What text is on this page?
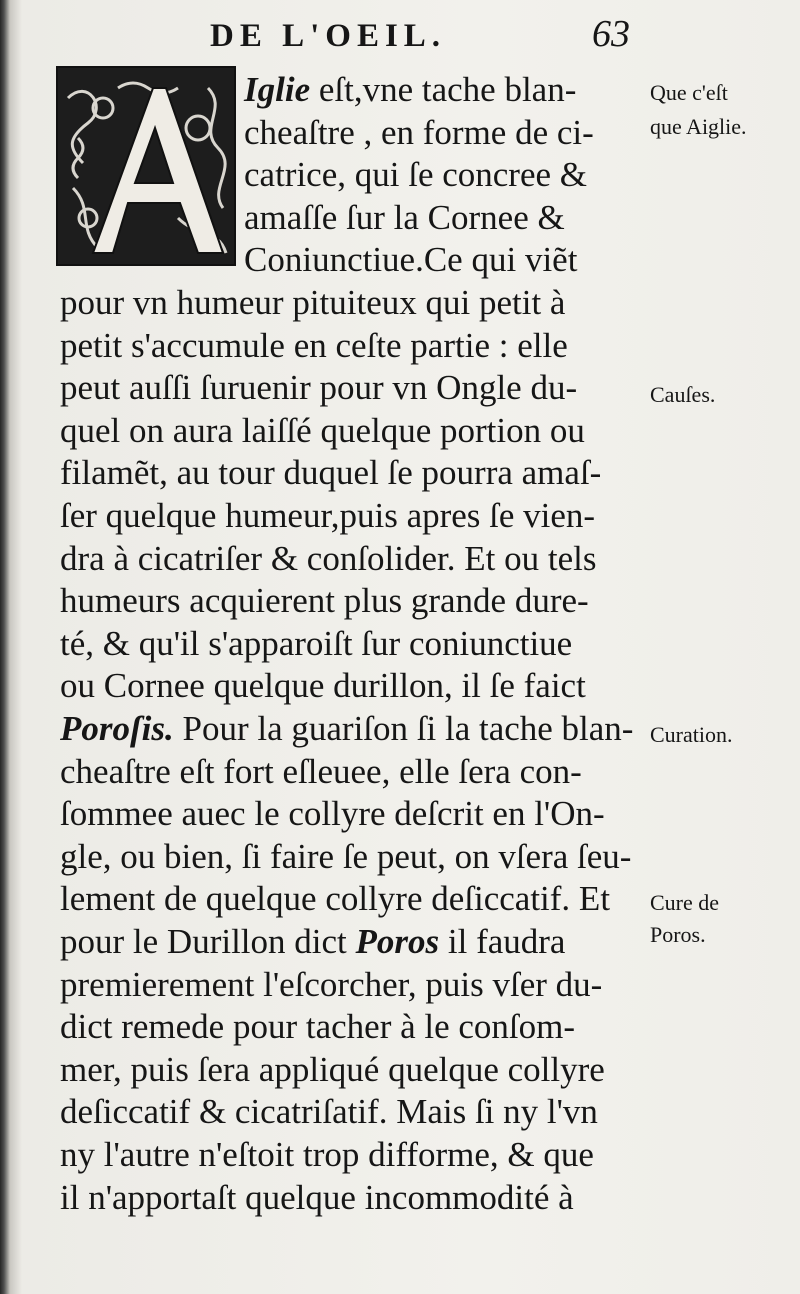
DE L'OEIL.	63
Iglie eſt,vne tache blan-
cheaſtre , en forme de ci-
catrice, qui ſe concree &
amaſſe ſur la Cornee &
Coniunctiue.Ce qui viẽt
pour vn humeur pituiteux qui petit à
petit s'accumule en ceſte partie : elle
peut auſſi ſuruenir pour vn Ongle du-
quel on aura laiſſé quelque portion ou
filamẽt, au tour duquel ſe pourra amaſ-
ſer quelque humeur,puis apres ſe vien-
dra à cicatriſer & conſolider. Et ou tels
humeurs acquierent plus grande dure-
té, & qu'il s'apparoiſt ſur coniunctiue
ou Cornee quelque durillon, il ſe faict
Poroſis. Pour la guariſon ſi la tache blan-
cheaſtre eſt fort eſleuee, elle ſera con-
ſommee auec le collyre deſcrit en l'On-
gle, ou bien, ſi faire ſe peut, on vſera ſeu-
lement de quelque collyre deſiccatif. Et
pour le Durillon dict Poros il faudra
premierement l'eſcorcher, puis vſer du-
dict remede pour tacher à le conſom-
mer, puis ſera appliqué quelque collyre
deſiccatif & cicatriſatif. Mais ſi ny l'vn
ny l'autre n'eſtoit trop difforme, & que
il n'apportaſt quelque incommodité à
Que c'eſt
que Aiglie.
Cauſes.
Curation.
Cure de
Poros.
